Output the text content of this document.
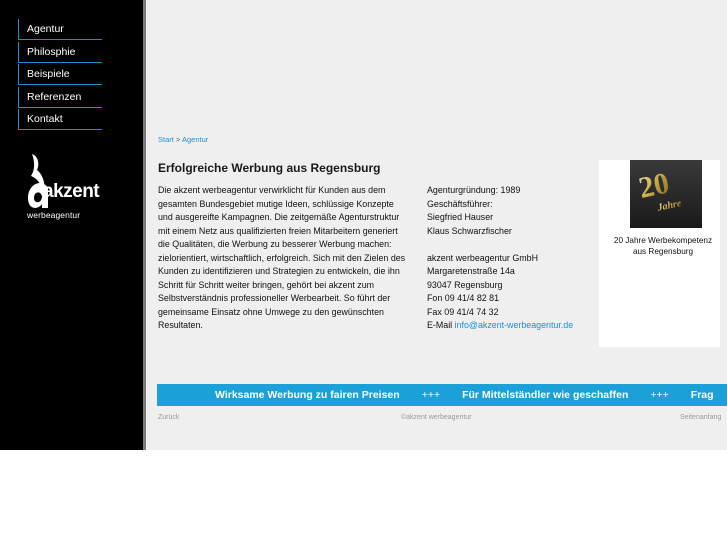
Agentur
Philosphie
Beispiele
Referenzen
Kontakt
akzent
werbeagentur
Start > Agentur
Erfolgreiche Werbung aus Regensburg

Die akzent werbeagentur verwirklicht für Kunden aus dem gesamten Bundesgebiet mutige Ideen, schlüssige Konzepte und ausgereifte Kampagnen. Die zeitgemäße Agenturstruktur mit einem Netz aus qualifizierten freien Mitarbeitern generiert die Qualitäten, die Werbung zu besserer Werbung machen: zielorientiert, wirtschaftlich, erfolgreich. Sich mit den Zielen des Kunden zu identifizieren und Strategien zu entwickeln, die ihn Schritt für Schritt weiter bringen, gehört bei akzent zum Selbstverständnis professioneller Werbearbeit. So führt der gemeinsame Einsatz ohne Umwege zu den gewünschten Resultaten.

Agenturgründung: 1989
Geschäftsführer:
Siegfried Hauser
Klaus Schwarzfischer
akzent werbeagentur GmbH
Margaretenstraße 14a
93047 Regensburg
Fon 09 41/4 82 81
Fax 09 41/4 74 32
E-Mail info@akzent-werbeagentur.de
20
Jahre
20 Jahre Werbekompetenz
aus Regensburg
Wirksame Werbung zu fairen Preisen +++ Für Mittelständler wie geschaffen +++ Frag
Zurück	©akzent werbeagentur	Seitenanfang
